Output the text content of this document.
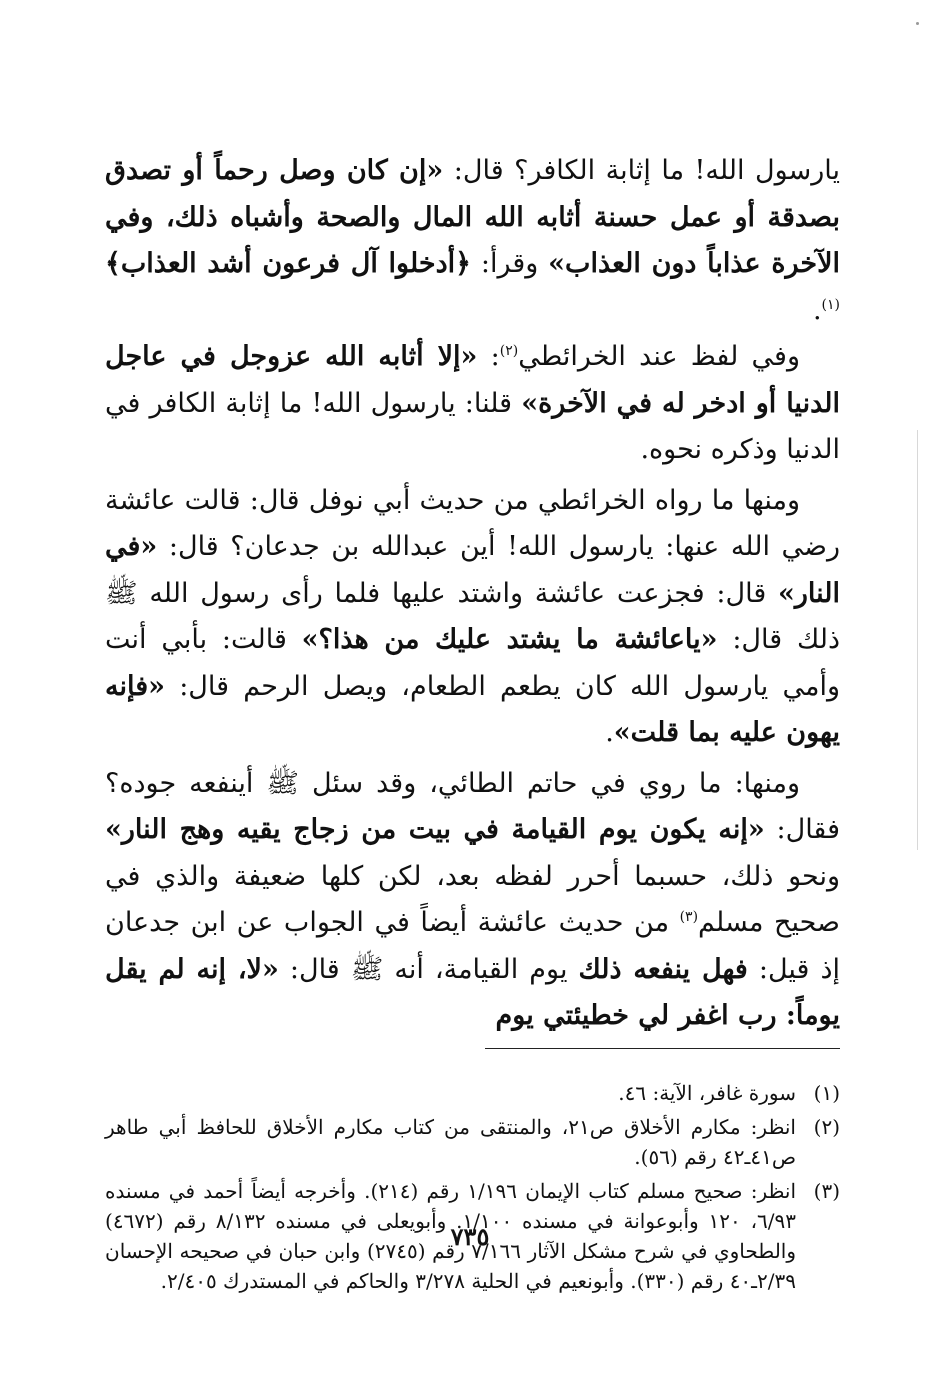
يارسول الله! ما إثابة الكافر؟ قال: «إن كان وصل رحماً أو تصدق بصدقة أو عمل حسنة أثابه الله المال والصحة وأشباه ذلك، وفي الآخرة عذاباً دون العذاب» وقرأ: ﴿أدخلوا آل فرعون أشد العذاب﴾$^{(١)}$.

وفي لفظ عند الخرائطي$^{(٢)}$: «إلا أثابه الله عزوجل في عاجل الدنيا أو ادخر له في الآخرة» قلنا: يارسول الله! ما إثابة الكافر في الدنيا وذكره نحوه.

ومنها ما رواه الخرائطي من حديث أبي نوفل قال: قالت عائشة رضي الله عنها: يارسول الله! أين عبدالله بن جدعان؟ قال: «في النار» قال: فجزعت عائشة واشتد عليها فلما رأى رسول الله ﷺ ذلك قال: «ياعائشة ما يشتد عليك من هذا؟» قالت: بأبي أنت وأمي يارسول الله كان يطعم الطعام، ويصل الرحم قال: «فإنه يهون عليه بما قلت».

ومنها: ما روي في حاتم الطائي، وقد سئل ﷺ أينفعه جوده؟ فقال: «إنه يكون يوم القيامة في بيت من زجاج يقيه وهج النار» ونحو ذلك، حسبما أحرر لفظه بعد، لكن كلها ضعيفة والذي في صحيح مسلم$^{(٣)}$ من حديث عائشة أيضاً في الجواب عن ابن جدعان إذ قيل: فهل ينفعه ذلك يوم القيامة، أنه ﷺ قال: «لا، إنه لم يقل يوماً: رب اغفر لي خطيئتي يوم

(١)
سورة غافر، الآية: ٤٦.
(٢)
انظر: مكارم الأخلاق ص٢١، والمنتقى من كتاب مكارم الأخلاق للحافظ أبي طاهر ص٤١ـ٤٢ رقم (٥٦).
(٣)
انظر: صحيح مسلم كتاب الإيمان ١/١٩٦ رقم (٢١٤). وأخرجه أيضاً أحمد في مسنده ٦/٩٣، ١٢٠ وأبوعوانة في مسنده ١/١٠٠. وأبويعلى في مسنده ٨/١٣٢ رقم (٤٦٧٢) والطحاوي في شرح مشكل الآثار ٧/١٦٦ رقم (٢٧٤٥) وابن حبان في صحيحه الإحسان ٢/٣٩ـ٤٠ رقم (٣٣٠). وأبونعيم في الحلية ٣/٢٧٨ والحاكم في المستدرك ٢/٤٠٥.
٧٣٥
